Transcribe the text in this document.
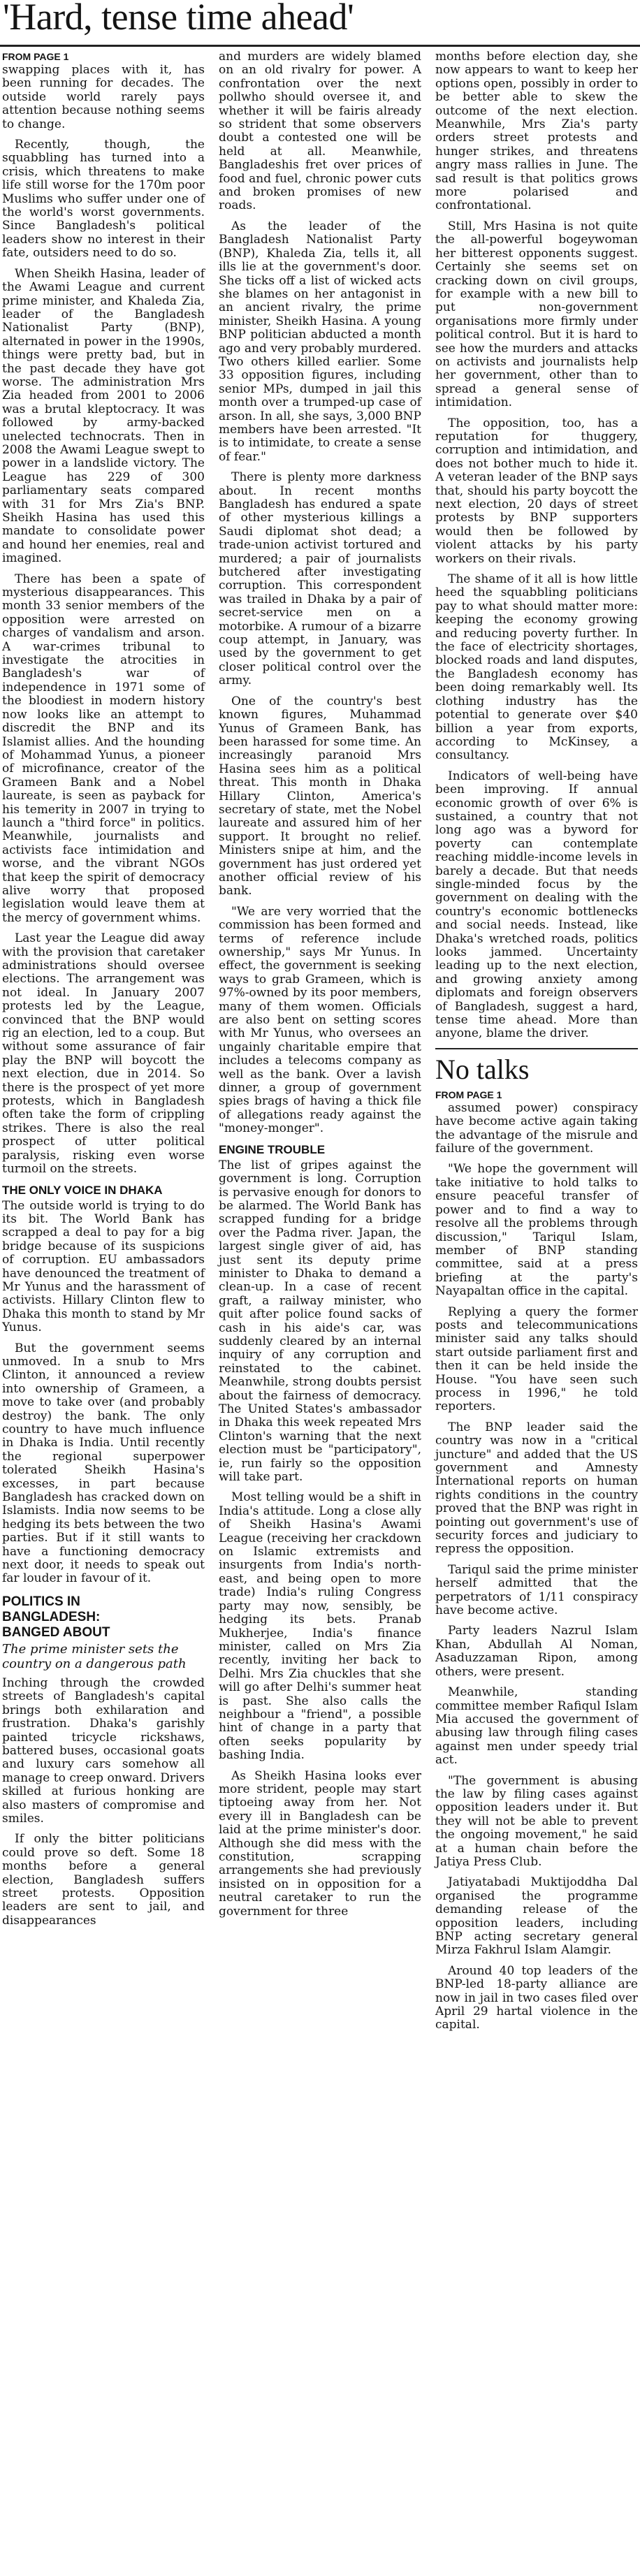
'Hard, tense time ahead'
FROM PAGE 1

swapping places with it, has been running for decades. The outside world rarely pays attention because nothing seems to change.

Recently, though, the squabbling has turned into a crisis, which threatens to make life still worse for the 170m poor Muslims who suffer under one of the world's worst governments. Since Bangladesh's political leaders show no interest in their fate, outsiders need to do so.

When Sheikh Hasina, leader of the Awami League and current prime minister, and Khaleda Zia, leader of the Bangladesh Nationalist Party (BNP), alternated in power in the 1990s, things were pretty bad, but in the past decade they have got worse. The administration Mrs Zia headed from 2001 to 2006 was a brutal kleptocracy. It was followed by army-backed unelected technocrats. Then in 2008 the Awami League swept to power in a landslide victory. The League has 229 of 300 parliamentary seats compared with 31 for Mrs Zia's BNP. Sheikh Hasina has used this mandate to consolidate power and hound her enemies, real and imagined.

There has been a spate of mysterious disappearances. This month 33 senior members of the opposition were arrested on charges of vandalism and arson. A war-crimes tribunal to investigate the atrocities in Bangladesh's war of independence in 1971 some of the bloodiest in modern history now looks like an attempt to discredit the BNP and its Islamist allies. And the hounding of Mohammad Yunus, a pioneer of microfinance, creator of the Grameen Bank and a Nobel laureate, is seen as payback for his temerity in 2007 in trying to launch a "third force" in politics. Meanwhile, journalists and activists face intimidation and worse, and the vibrant NGOs that keep the spirit of democracy alive worry that proposed legislation would leave them at the mercy of government whims.

Last year the League did away with the provision that caretaker administrations should oversee elections. The arrangement was not ideal. In January 2007 protests led by the League, convinced that the BNP would rig an election, led to a coup. But without some assurance of fair play the BNP will boycott the next election, due in 2014. So there is the prospect of yet more protests, which in Bangladesh often take the form of crippling strikes. There is also the real prospect of utter political paralysis, risking even worse turmoil on the streets.

THE ONLY VOICE IN DHAKA

The outside world is trying to do its bit. The World Bank has scrapped a deal to pay for a big bridge because of its suspicions of corruption. EU ambassadors have denounced the treatment of Mr Yunus and the harassment of activists. Hillary Clinton flew to Dhaka this month to stand by Mr Yunus.

But the government seems unmoved. In a snub to Mrs Clinton, it announced a review into ownership of Grameen, a move to take over (and probably destroy) the bank. The only country to have much influence in Dhaka is India. Until recently the regional superpower tolerated Sheikh Hasina's excesses, in part because Bangladesh has cracked down on Islamists. India now seems to be hedging its bets between the two parties. But if it still wants to have a functioning democracy next door, it needs to speak out far louder in favour of it.

POLITICS IN
BANGLADESH:
BANGED ABOUT
The prime minister sets the country on a dangerous path

Inching through the crowded streets of Bangladesh's capital brings both exhilaration and frustration. Dhaka's garishly painted tricycle rickshaws, battered buses, occasional goats and luxury cars somehow all manage to creep onward. Drivers skilled at furious honking are also masters of compromise and smiles.

If only the bitter politicians could prove so deft. Some 18 months before a general election, Bangladesh suffers street protests. Opposition leaders are sent to jail, and disappearances

and murders are widely blamed on an old rivalry for power. A confrontation over the next pollwho should oversee it, and whether it will be fairis already so strident that some observers doubt a contested one will be held at all. Meanwhile, Bangladeshis fret over prices of food and fuel, chronic power cuts and broken promises of new roads.

As the leader of the Bangladesh Nationalist Party (BNP), Khaleda Zia, tells it, all ills lie at the government's door. She ticks off a list of wicked acts she blames on her antagonist in an ancient rivalry, the prime minister, Sheikh Hasina. A young BNP politician abducted a month ago and very probably murdered. Two others killed earlier. Some 33 opposition figures, including senior MPs, dumped in jail this month over a trumped-up case of arson. In all, she says, 3,000 BNP members have been arrested. "It is to intimidate, to create a sense of fear."

There is plenty more darkness about. In recent months Bangladesh has endured a spate of other mysterious killings a Saudi diplomat shot dead; a trade-union activist tortured and murdered; a pair of journalists butchered after investigating corruption. This correspondent was trailed in Dhaka by a pair of secret-service men on a motorbike. A rumour of a bizarre coup attempt, in January, was used by the government to get closer political control over the army.

One of the country's best known figures, Muhammad Yunus of Grameen Bank, has been harassed for some time. An increasingly paranoid Mrs Hasina sees him as a political threat. This month in Dhaka Hillary Clinton, America's secretary of state, met the Nobel laureate and assured him of her support. It brought no relief. Ministers snipe at him, and the government has just ordered yet another official review of his bank.

"We are very worried that the commission has been formed and terms of reference include ownership," says Mr Yunus. In effect, the government is seeking ways to grab Grameen, which is 97%-owned by its poor members, many of them women. Officials are also bent on setting scores with Mr Yunus, who oversees an ungainly charitable empire that includes a telecoms company as well as the bank. Over a lavish dinner, a group of government spies brags of having a thick file of allegations ready against the "money-monger".

ENGINE TROUBLE

The list of gripes against the government is long. Corruption is pervasive enough for donors to be alarmed. The World Bank has scrapped funding for a bridge over the Padma river. Japan, the largest single giver of aid, has just sent its deputy prime minister to Dhaka to demand a clean-up. In a case of recent graft, a railway minister, who quit after police found sacks of cash in his aide's car, was suddenly cleared by an internal inquiry of any corruption and reinstated to the cabinet. Meanwhile, strong doubts persist about the fairness of democracy. The United States's ambassador in Dhaka this week repeated Mrs Clinton's warning that the next election must be "participatory", ie, run fairly so the opposition will take part.

Most telling would be a shift in India's attitude. Long a close ally of Sheikh Hasina's Awami League (receiving her crackdown on Islamic extremists and insurgents from India's north-east, and being open to more trade) India's ruling Congress party may now, sensibly, be hedging its bets. Pranab Mukherjee, India's finance minister, called on Mrs Zia recently, inviting her back to Delhi. Mrs Zia chuckles that she will go after Delhi's summer heat is past. She also calls the neighbour a "friend", a possible hint of change in a party that often seeks popularity by bashing India.

As Sheikh Hasina looks ever more strident, people may start tiptoeing away from her. Not every ill in Bangladesh can be laid at the prime minister's door. Although she did mess with the constitution, scrapping arrangements she had previously insisted on in opposition for a neutral caretaker to run the government for three

months before election day, she now appears to want to keep her options open, possibly in order to be better able to skew the outcome of the next election. Meanwhile, Mrs Zia's party orders street protests and hunger strikes, and threatens angry mass rallies in June. The sad result is that politics grows more polarised and confrontational.

Still, Mrs Hasina is not quite the all-powerful bogeywoman her bitterest opponents suggest. Certainly she seems set on cracking down on civil groups, for example with a new bill to put non-government organisations more firmly under political control. But it is hard to see how the murders and attacks on activists and journalists help her government, other than to spread a general sense of intimidation.

The opposition, too, has a reputation for thuggery, corruption and intimidation, and does not bother much to hide it. A veteran leader of the BNP says that, should his party boycott the next election, 20 days of street protests by BNP supporters would then be followed by violent attacks by his party workers on their rivals.

The shame of it all is how little heed the squabbling politicians pay to what should matter more: keeping the economy growing and reducing poverty further. In the face of electricity shortages, blocked roads and land disputes, the Bangladesh economy has been doing remarkably well. Its clothing industry has the potential to generate over $40 billion a year from exports, according to McKinsey, a consultancy.

Indicators of well-being have been improving. If annual economic growth of over 6% is sustained, a country that not long ago was a byword for poverty can contemplate reaching middle-income levels in barely a decade. But that needs single-minded focus by the government on dealing with the country's economic bottlenecks and social needs. Instead, like Dhaka's wretched roads, politics looks jammed. Uncertainty leading up to the next election, and growing anxiety among diplomats and foreign observers of Bangladesh, suggest a hard, tense time ahead. More than anyone, blame the driver.

No talks
FROM PAGE 1

assumed power) conspiracy have become active again taking the advantage of the misrule and failure of the government.

"We hope the government will take initiative to hold talks to ensure peaceful transfer of power and to find a way to resolve all the problems through discussion," Tariqul Islam, member of BNP standing committee, said at a press briefing at the party's Nayapaltan office in the capital.

Replying a query the former posts and telecommunications minister said any talks should start outside parliament first and then it can be held inside the House. "You have seen such process in 1996," he told reporters.

The BNP leader said the country was now in a "critical juncture" and added that the US government and Amnesty International reports on human rights conditions in the country proved that the BNP was right in pointing out government's use of security forces and judiciary to repress the opposition.

Tariqul said the prime minister herself admitted that the perpetrators of 1/11 conspiracy have become active.

Party leaders Nazrul Islam Khan, Abdullah Al Noman, Asaduzzaman Ripon, among others, were present.

Meanwhile, standing committee member Rafiqul Islam Mia accused the government of abusing law through filing cases against men under speedy trial act.

"The government is abusing the law by filing cases against opposition leaders under it. But they will not be able to prevent the ongoing movement," he said at a human chain before the Jatiya Press Club.

Jatiyatabadi Muktijoddha Dal organised the programme demanding release of the opposition leaders, including BNP acting secretary general Mirza Fakhrul Islam Alamgir.

Around 40 top leaders of the BNP-led 18-party alliance are now in jail in two cases filed over April 29 hartal violence in the capital.
